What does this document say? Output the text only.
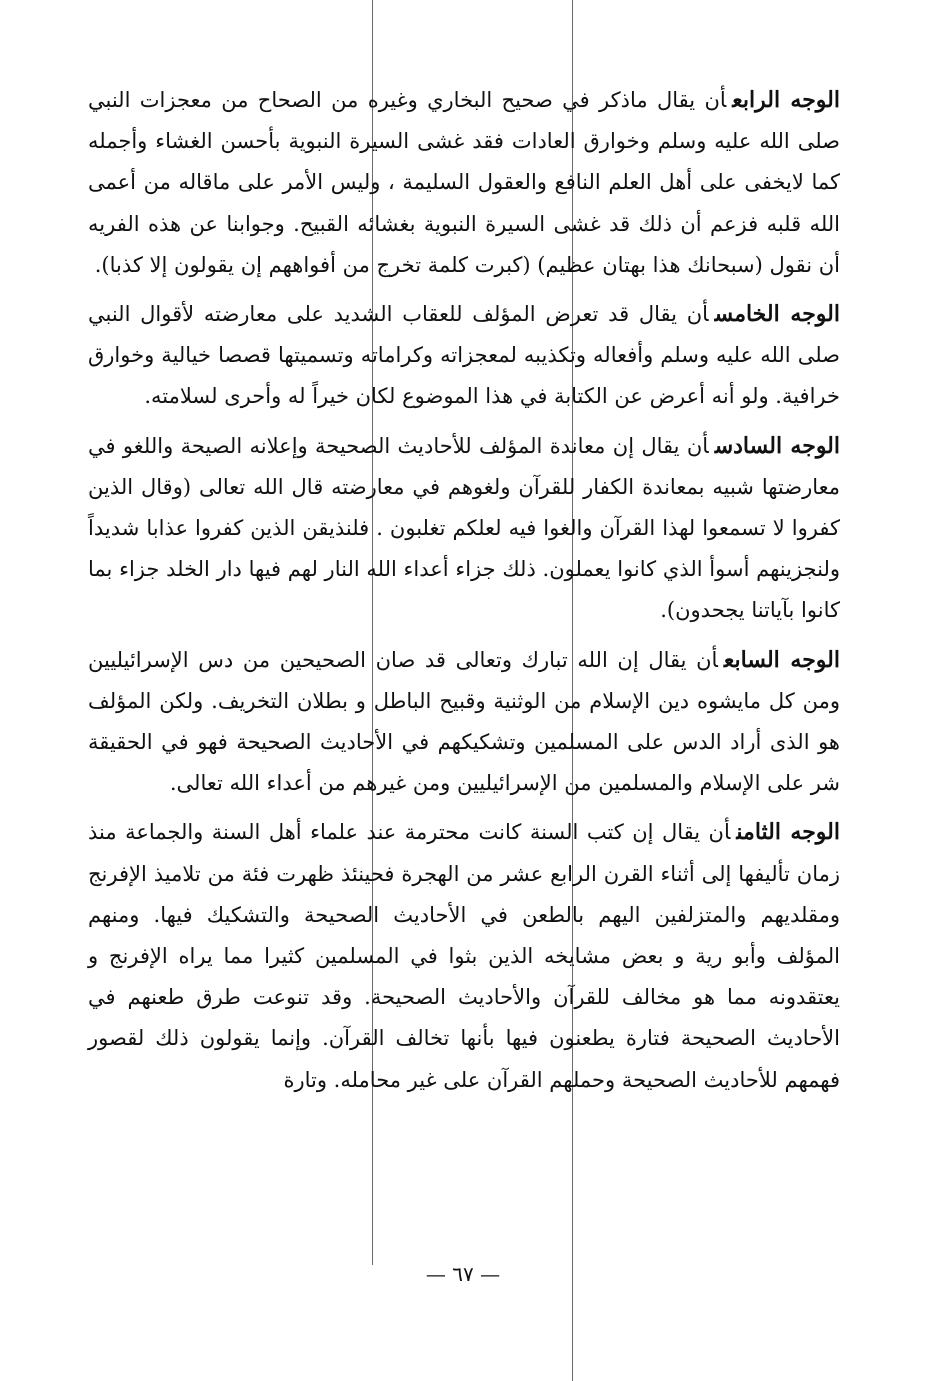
الوجه الرابعأن يقال ماذكر في صحيح البخاري وغيره من الصحاح من معجزات النبي صلى الله عليه وسلم وخوارق العادات فقد غشى السيرة النبوية بأحسن الغشاء وأجمله كما لايخفى على أهل العلم النافع والعقول السليمة ، وليس الأمر على ماقاله من أعمى الله قلبه فزعم أن ذلك قد غشى السيرة النبوية بغشائه القبيح. وجوابنا عن هذه الفريه أن نقول (سبحانك هذا بهتان عظيم) (كبرت كلمة تخرج من أفواههم إن يقولون إلا كذبا).

الوجه الخامسأن يقال قد تعرض المؤلف للعقاب الشديد على معارضته لأقوال النبي صلى الله عليه وسلم وأفعاله وتكذيبه لمعجزاته وكراماته وتسميتها قصصا خيالية وخوارق خرافية. ولو أنه أعرض عن الكتابة في هذا الموضوع لكان خيراً له وأحرى لسلامته.

الوجه السادسأن يقال إن معاندة المؤلف للأحاديث الصحيحة وإعلانه الصيحة واللغو في معارضتها شبيه بمعاندة الكفار للقرآن ولغوهم في معارضته قال الله تعالى (وقال الذين كفروا لا تسمعوا لهذا القرآن والغوا فيه لعلكم تغلبون . فلنذيقن الذين كفروا عذابا شديداً ولنجزينهم أسوأ الذي كانوا يعملون. ذلك جزاء أعداء الله النار لهم فيها دار الخلد جزاء بما كانوا بآياتنا يجحدون).

الوجه السابعأن يقال إن الله تبارك وتعالى قد صان الصحيحين من دس الإسرائيليين ومن كل مايشوه دين الإسلام من الوثنية وقبيح الباطل و بطلان التخريف. ولكن المؤلف هو الذى أراد الدس على المسلمين وتشكيكهم في الأحاديث الصحيحة فهو في الحقيقة شر على الإسلام والمسلمين من الإسرائيليين ومن غيرهم من أعداء الله تعالى.

الوجه الثامنأن يقال إن كتب السنة كانت محترمة عند علماء أهل السنة والجماعة منذ زمان تأليفها إلى أثناء القرن الرابع عشر من الهجرة فحينئذ ظهرت فئة من تلاميذ الإفرنج ومقلديهم والمتزلفين اليهم بالطعن في الأحاديث الصحيحة والتشكيك فيها. ومنهم المؤلف وأبو رية و بعض مشايخه الذين بثوا في المسلمين كثيرا مما يراه الإفرنج و يعتقدونه مما هو مخالف للقرآن والأحاديث الصحيحة. وقد تنوعت طرق طعنهم في الأحاديث الصحيحة فتارة يطعنون فيها بأنها تخالف القرآن. وإنما يقولون ذلك لقصور فهمهم للأحاديث الصحيحة وحملهم القرآن على غير محامله. وتارة

— ٦٧ —
